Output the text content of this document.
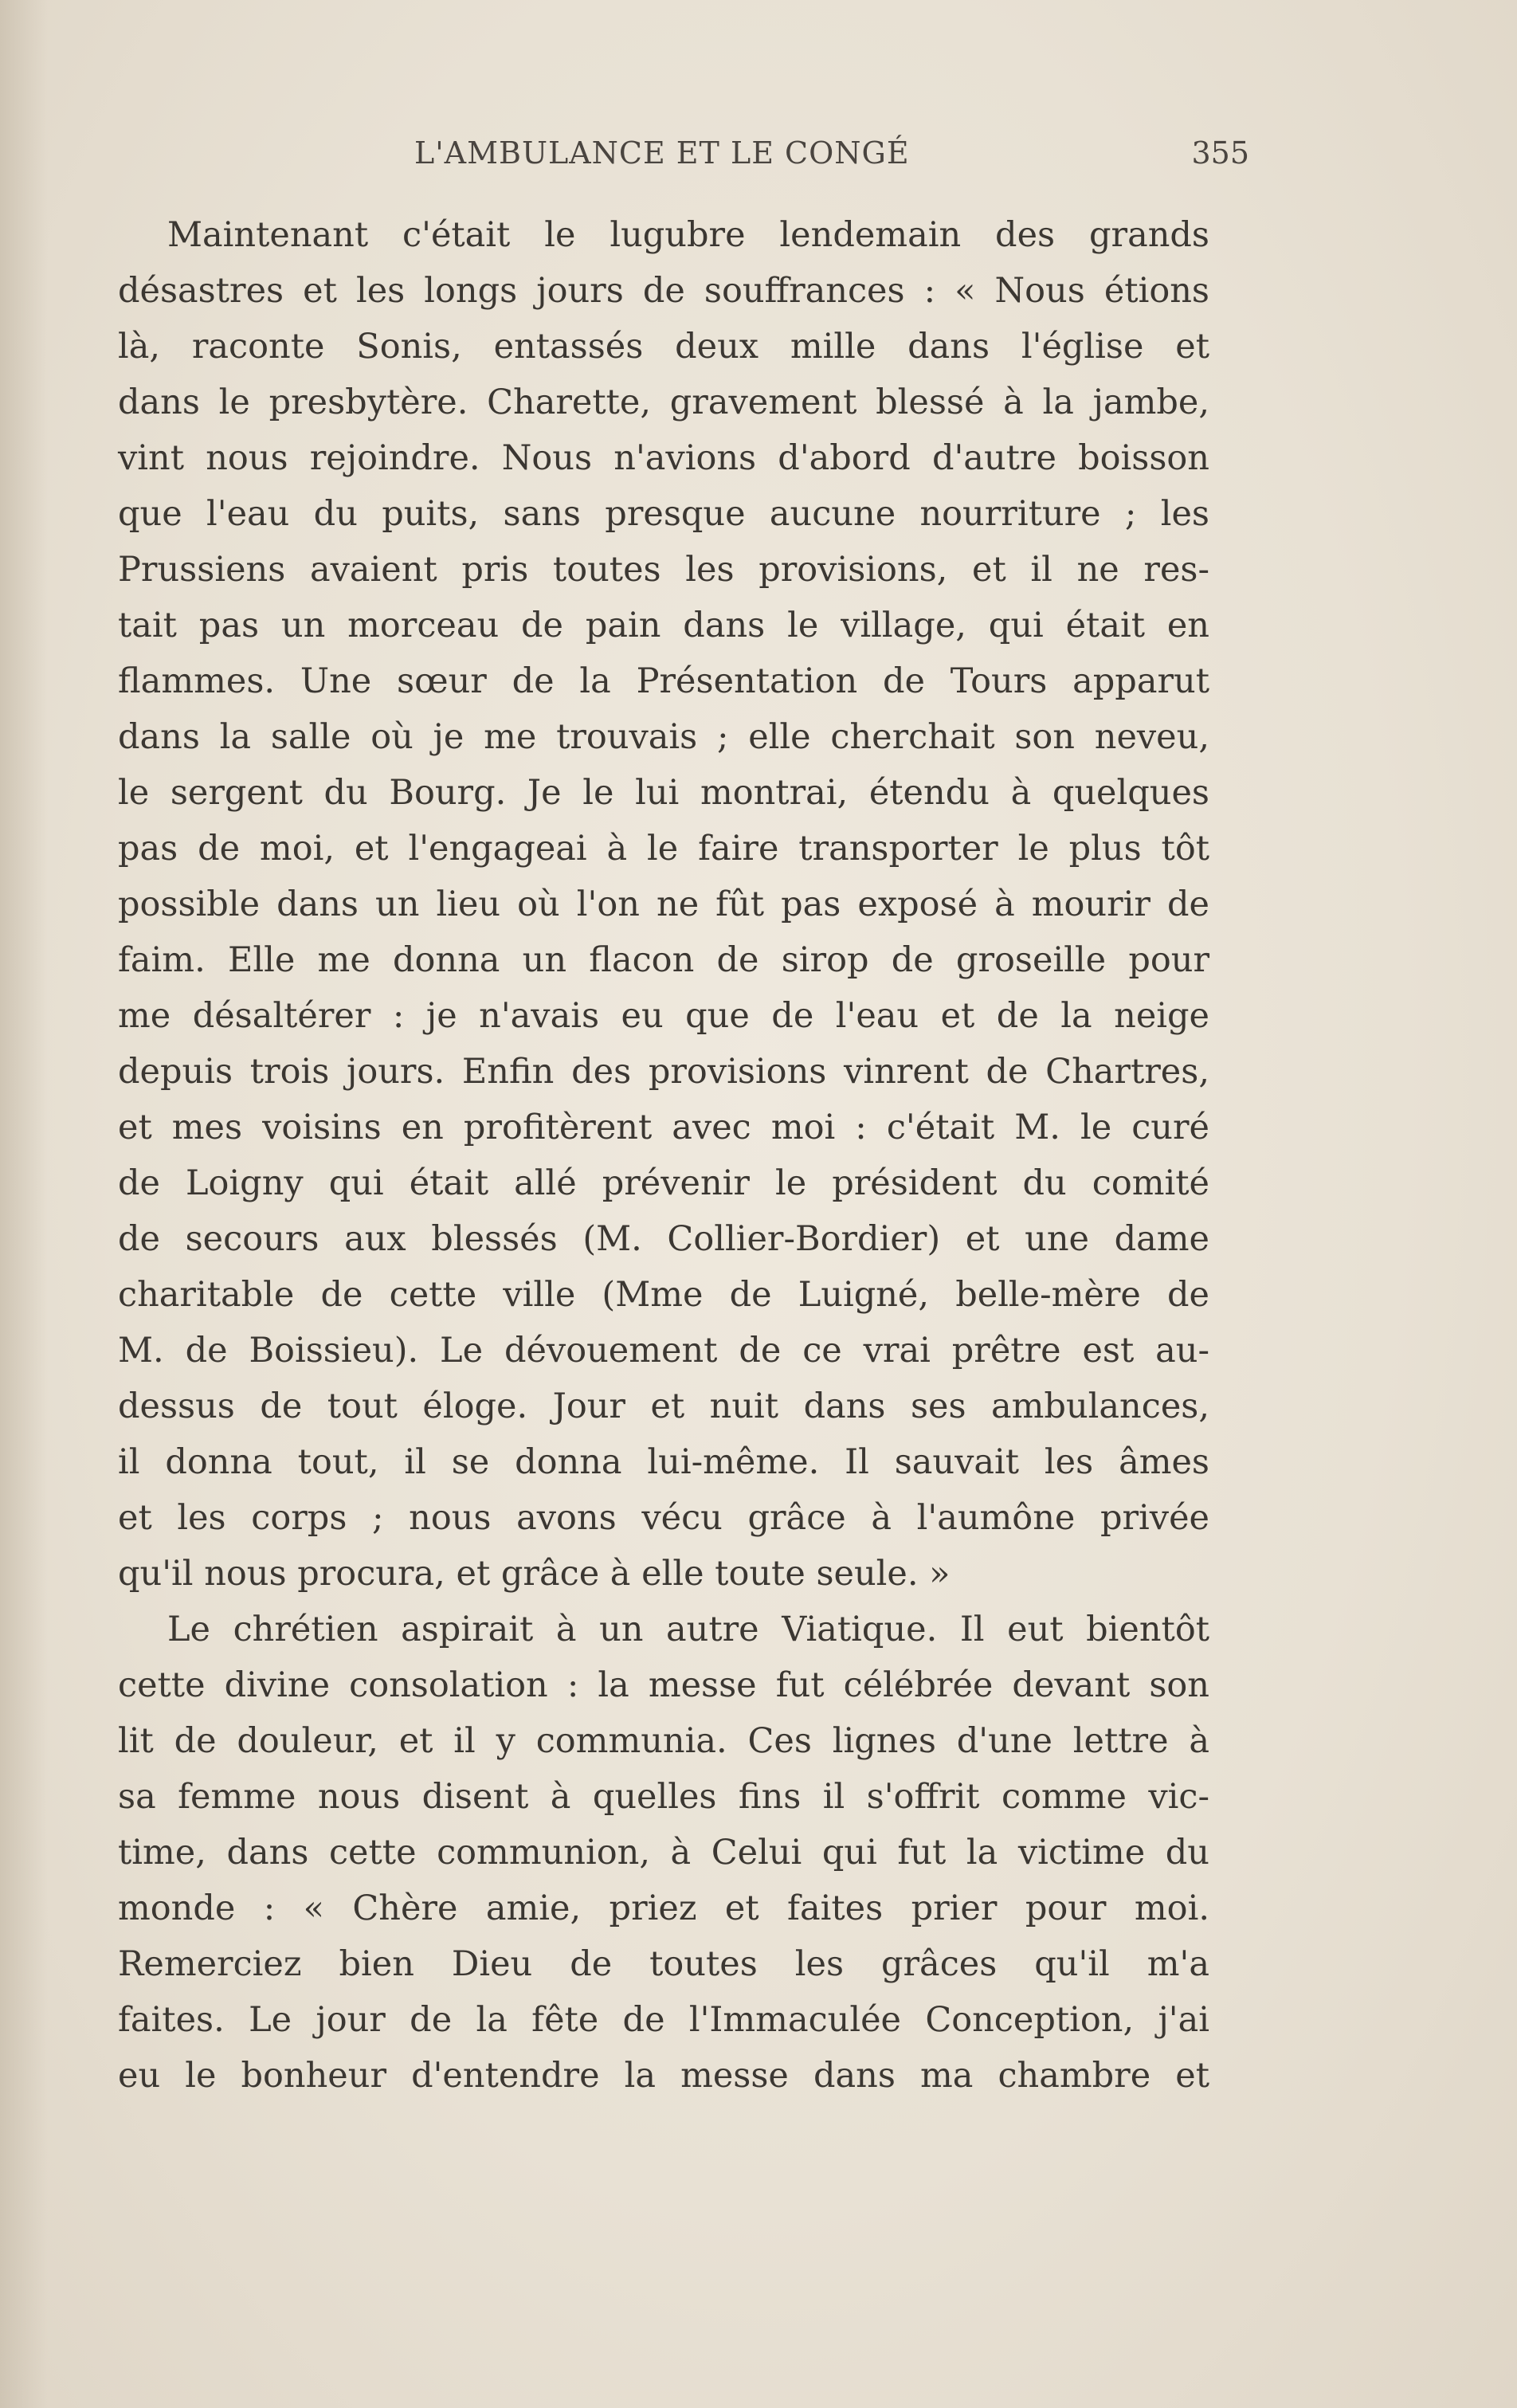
L'AMBULANCE ET LE CONGÉ	355
Maintenant c'était le lugubre lendemain des grands
désastres et les longs jours de souffrances : « Nous étions
là, raconte Sonis, entassés deux mille dans l'église et
dans le presbytère. Charette, gravement blessé à la jambe,
vint nous rejoindre. Nous n'avions d'abord d'autre boisson
que l'eau du puits, sans presque aucune nourriture ; les
Prussiens avaient pris toutes les provisions, et il ne res-
tait pas un morceau de pain dans le village, qui était en
flammes. Une sœur de la Présentation de Tours apparut
dans la salle où je me trouvais ; elle cherchait son neveu,
le sergent du Bourg. Je le lui montrai, étendu à quelques
pas de moi, et l'engageai à le faire transporter le plus tôt
possible dans un lieu où l'on ne fût pas exposé à mourir de
faim. Elle me donna un flacon de sirop de groseille pour
me désaltérer : je n'avais eu que de l'eau et de la neige
depuis trois jours. Enfin des provisions vinrent de Chartres,
et mes voisins en profitèrent avec moi : c'était M. le curé
de Loigny qui était allé prévenir le président du comité
de secours aux blessés (M. Collier-Bordier) et une dame
charitable de cette ville (Mme de Luigné, belle-mère de
M. de Boissieu). Le dévouement de ce vrai prêtre est au-
dessus de tout éloge. Jour et nuit dans ses ambulances,
il donna tout, il se donna lui-même. Il sauvait les âmes
et les corps ; nous avons vécu grâce à l'aumône privée
qu'il nous procura, et grâce à elle toute seule. »
Le chrétien aspirait à un autre Viatique. Il eut bientôt
cette divine consolation : la messe fut célébrée devant son
lit de douleur, et il y communia. Ces lignes d'une lettre à
sa femme nous disent à quelles fins il s'offrit comme vic-
time, dans cette communion, à Celui qui fut la victime du
monde : « Chère amie, priez et faites prier pour moi.
Remerciez bien Dieu de toutes les grâces qu'il m'a
faites. Le jour de la fête de l'Immaculée Conception, j'ai
eu le bonheur d'entendre la messe dans ma chambre et
